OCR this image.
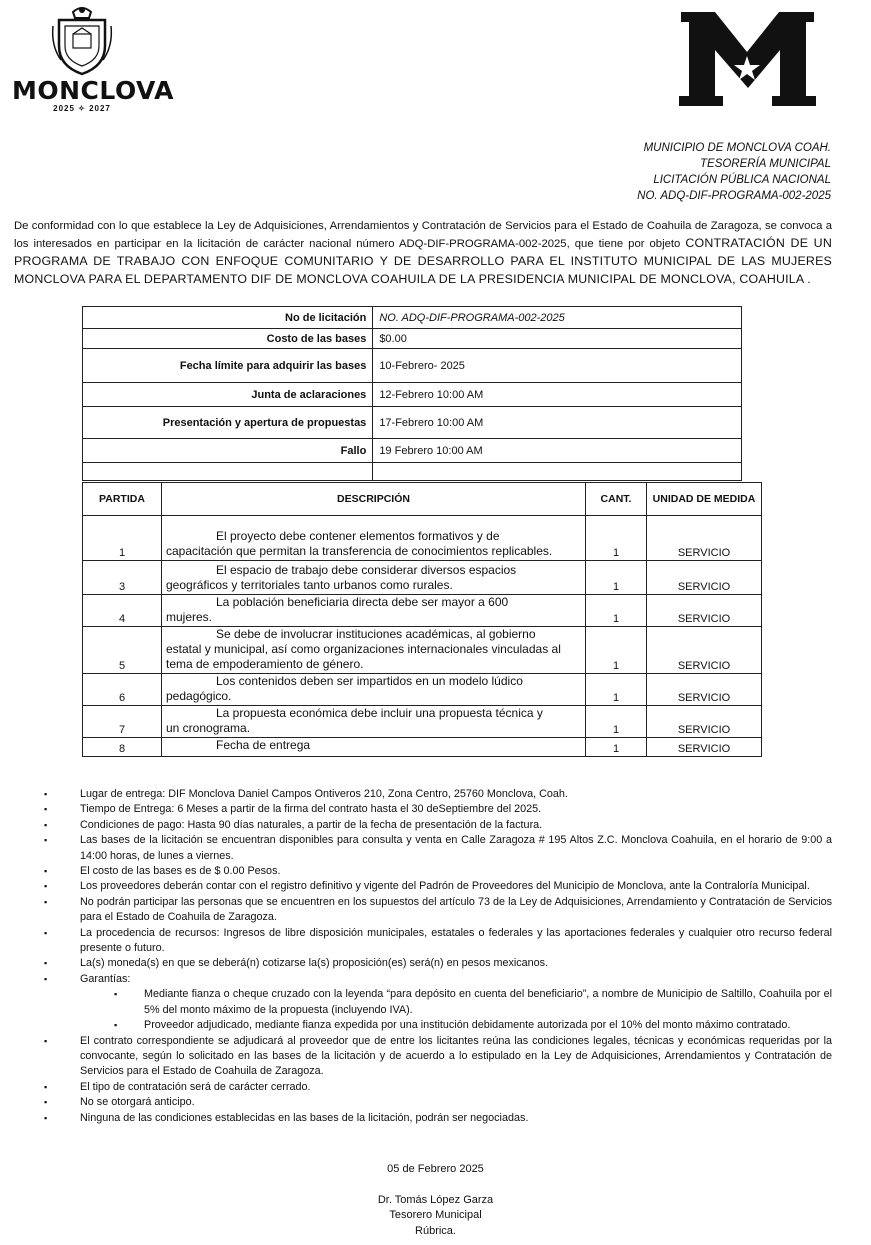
MONCLOVA
2025 ✧ 2027
MUNICIPIO DE MONCLOVA COAH.
TESORERÍA MUNICIPAL
LICITACIÓN PÚBLICA NACIONAL
NO. ADQ-DIF-PROGRAMA-002-2025
De conformidad con lo que establece la Ley de Adquisiciones, Arrendamientos y Contratación de Servicios para el Estado de Coahuila de Zaragoza, se convoca a los interesados en participar en la licitación de carácter nacional número ADQ-DIF-PROGRAMA-002-2025, que tiene por objeto CONTRATACIÓN DE UN PROGRAMA DE TRABAJO CON ENFOQUE COMUNITARIO Y DE DESARROLLO PARA EL INSTITUTO MUNICIPAL DE LAS MUJERES MONCLOVA PARA EL DEPARTAMENTO DIF DE MONCLOVA COAHUILA DE LA PRESIDENCIA MUNICIPAL DE MONCLOVA, COAHUILA .
No de licitación	NO. ADQ-DIF-PROGRAMA-002-2025
Costo de las bases	$0.00
Fecha límite para adquirir las bases	10-Febrero- 2025
Junta de aclaraciones	12-Febrero 10:00 AM
Presentación y apertura de propuestas	17-Febrero 10:00 AM
Fallo	19 Febrero 10:00 AM

PARTIDA	DESCRIPCIÓN	CANT.	UNIDAD DE MEDIDA
1	El proyecto debe contener elementos formativos y de
capacitación que permitan la transferencia de conocimientos replicables.	1	SERVICIO
3	El espacio de trabajo debe considerar diversos espacios
geográficos y territoriales tanto urbanos como rurales.	1	SERVICIO
4	La población beneficiaria directa debe ser mayor a 600
mujeres.	1	SERVICIO
5	Se debe de involucrar instituciones académicas, al gobierno
estatal y municipal, así como organizaciones internacionales vinculadas al tema de empoderamiento de género.	1	SERVICIO
6	Los contenidos deben ser impartidos en un modelo lúdico
pedagógico.	1	SERVICIO
7	La propuesta económica debe incluir una propuesta técnica y
un cronograma.	1	SERVICIO
8	Fecha de entrega	1	SERVICIO
▪	Lugar de entrega: DIF Monclova Daniel Campos Ontiveros 210, Zona Centro, 25760 Monclova, Coah.
▪	Tiempo de Entrega: 6 Meses a partir de la firma del contrato hasta el 30 deSeptiembre del 2025.
▪	Condiciones de pago: Hasta 90 días naturales, a partir de la fecha de presentación de la factura.
▪	Las bases de la licitación se encuentran disponibles para consulta y venta en Calle Zaragoza # 195 Altos Z.C. Monclova Coahuila, en el horario de 9:00 a 14:00 horas, de lunes a viernes.
▪	El costo de las bases es de $ 0.00 Pesos.
▪	Los proveedores deberán contar con el registro definitivo y vigente del Padrón de Proveedores del Municipio de Monclova, ante la Contraloría Municipal.
▪	No podrán participar las personas que se encuentren en los supuestos del artículo 73 de la Ley de Adquisiciones, Arrendamiento y Contratación de Servicios para el Estado de Coahuila de Zaragoza.
▪	La procedencia de recursos: Ingresos de libre disposición municipales, estatales o federales y las aportaciones federales y cualquier otro recurso federal presente o futuro.
▪	La(s) moneda(s) en que se deberá(n) cotizarse la(s) proposición(es) será(n) en pesos mexicanos.
▪	Garantías:
▪ Mediante fianza o cheque cruzado con la leyenda “para depósito en cuenta del beneficiario”, a nombre de Municipio de Saltillo, Coahuila por el 5% del monto máximo de la propuesta (incluyendo IVA).
▪ Proveedor adjudicado, mediante fianza expedida por una institución debidamente autorizada por el 10% del monto máximo contratado.
▪	El contrato correspondiente se adjudicará al proveedor que de entre los licitantes reúna las condiciones legales, técnicas y económicas requeridas por la convocante, según lo solicitado en las bases de la licitación y de acuerdo a lo estipulado en la Ley de Adquisiciones, Arrendamientos y Contratación de Servicios para el Estado de Coahuila de Zaragoza.
▪	El tipo de contratación será de carácter cerrado.
▪	No se otorgará anticipo.
▪	Ninguna de las condiciones establecidas en las bases de la licitación, podrán ser negociadas.
05 de Febrero 2025
Dr. Tomás López Garza
Tesorero Municipal
Rúbrica.
